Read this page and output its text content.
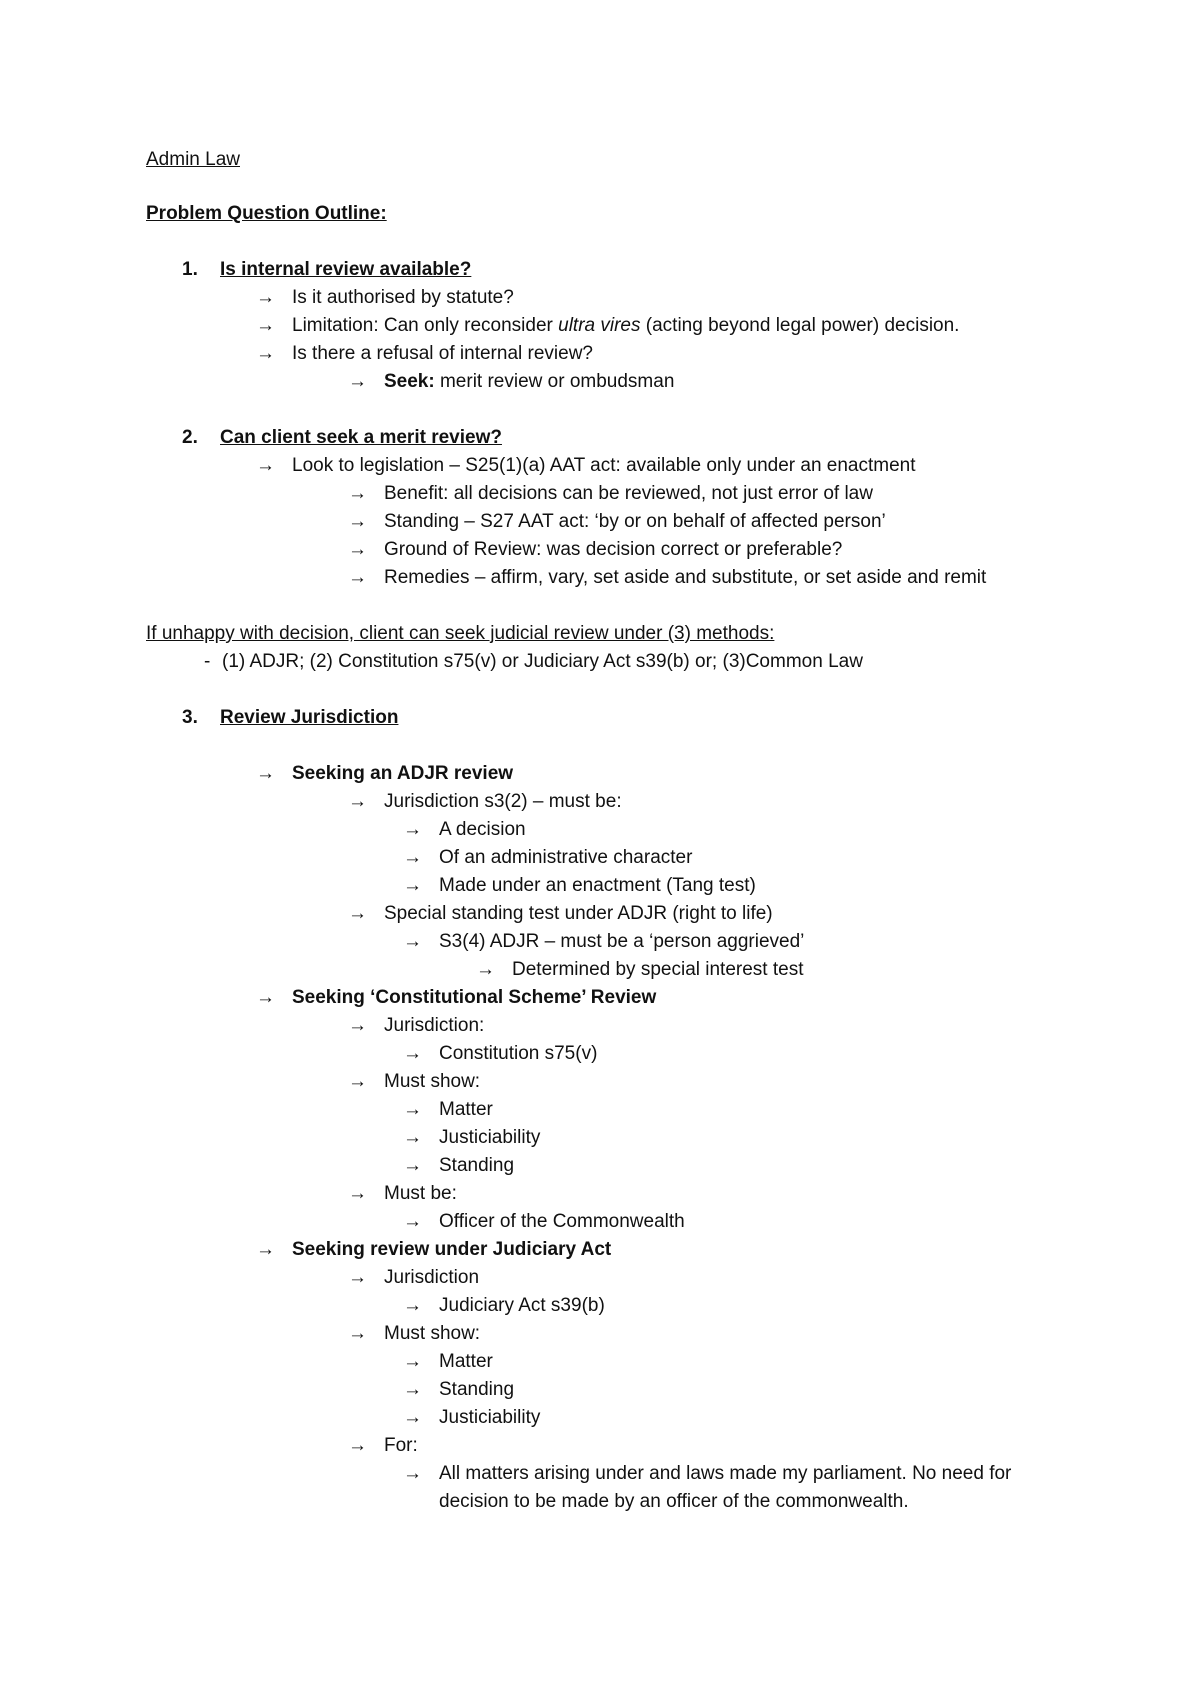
Admin Law
Problem Question Outline:
1. Is internal review available?
→ Is it authorised by statute?
→ Limitation: Can only reconsider ultra vires (acting beyond legal power) decision.
→ Is there a refusal of internal review?
→ Seek: merit review or ombudsman
2. Can client seek a merit review?
→ Look to legislation – S25(1)(a) AAT act: available only under an enactment
→ Benefit: all decisions can be reviewed, not just error of law
→ Standing – S27 AAT act: ‘by or on behalf of affected person’
→ Ground of Review: was decision correct or preferable?
→ Remedies – affirm, vary, set aside and substitute, or set aside and remit
If unhappy with decision, client can seek judicial review under (3) methods:
- (1) ADJR; (2) Constitution s75(v) or Judiciary Act s39(b) or; (3)Common Law
3. Review Jurisdiction
→ Seeking an ADJR review
→ Jurisdiction s3(2) – must be:
→ A decision
→ Of an administrative character
→ Made under an enactment (Tang test)
→ Special standing test under ADJR (right to life)
→ S3(4) ADJR – must be a ‘person aggrieved’
→ Determined by special interest test
→ Seeking ‘Constitutional Scheme’ Review
→ Jurisdiction:
→ Constitution s75(v)
→ Must show:
→ Matter
→ Justiciability
→ Standing
→ Must be:
→ Officer of the Commonwealth
→ Seeking review under Judiciary Act
→ Jurisdiction
→ Judiciary Act s39(b)
→ Must show:
→ Matter
→ Standing
→ Justiciability
→ For:
→ All matters arising under and laws made my parliament. No need for
decision to be made by an officer of the commonwealth.
